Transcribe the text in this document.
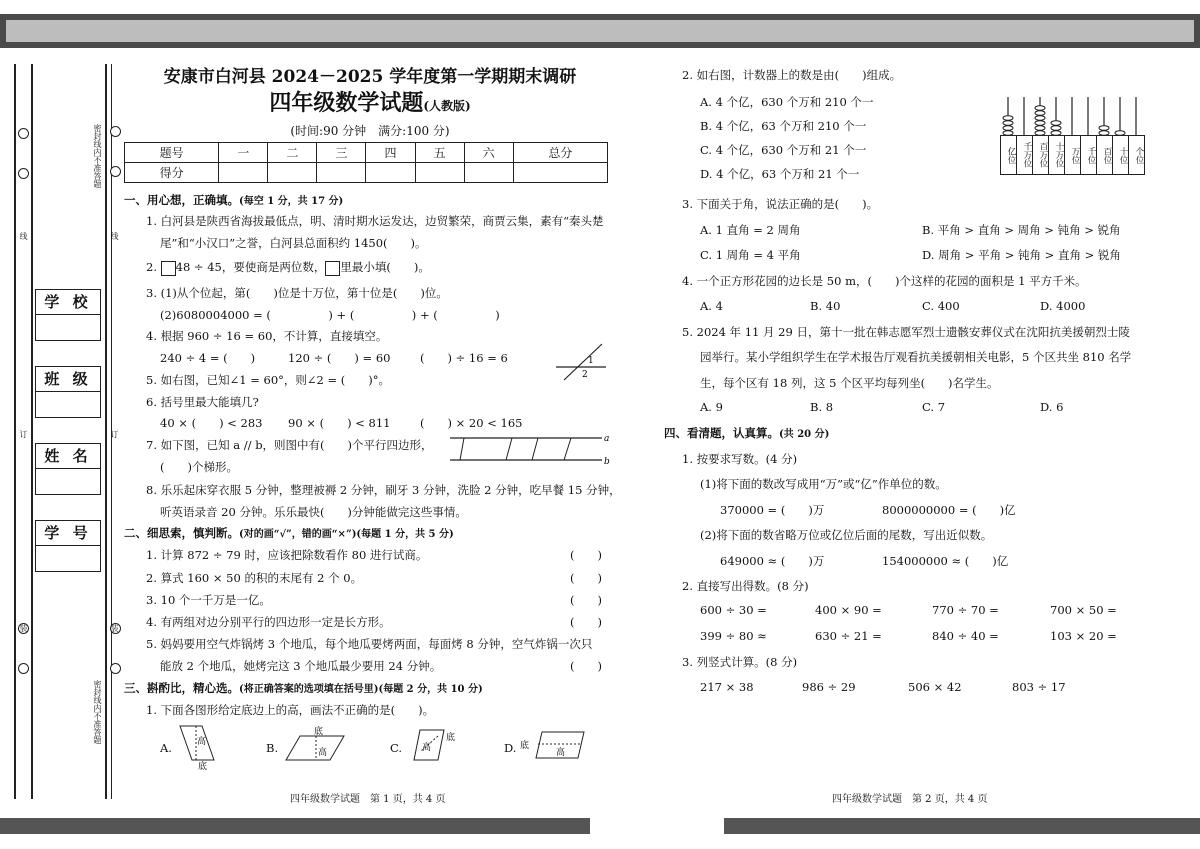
密封线内不准答题
密封线内不准答题
线	线
订	订
装	装
学 校
班 级
姓 名
学 号
安康市白河县 2024－2025 学年度第一学期期末调研
四年级数学试题(人教版)
(时间:90 分钟　满分:100 分)
题号	一	二	三	四	五	六	总分
得分							
一、用心想，正确填。(每空 1 分，共 17 分)
1. 白河县是陕西省海拔最低点，明、清时期水运发达，边贸繁荣，商贾云集，素有“秦头楚
尾”和“小汉口”之誉，白河县总面积约 1450(　　)。
2. 48 ÷ 45，要使商是两位数， 里最小填(　　)。
3. (1)从个位起，第(　　)位是十万位，第十位是(　　)位。
(2)6080004000 = (　　　　　) + (　　　　　) + (　　　　　)
4. 根据 960 ÷ 16 = 60，不计算，直接填空。
240 ÷ 4 = (　　)	120 ÷ (　　) = 60	(　　) ÷ 16 = 6	1
2
5. 如右图，已知∠1 = 60°，则∠2 = (　　)°。
6. 括号里最大能填几?
40 × (　　) < 283 90 × (　　) < 811	(　　) × 20 < 165
7. 如下图，已知 a // b，则图中有(　　)个平行四边形，
(　　)个梯形。
a
b
8. 乐乐起床穿衣服 5 分钟，整理被褥 2 分钟，刷牙 3 分钟，洗脸 2 分钟，吃早餐 15 分钟，
听英语录音 20 分钟。乐乐最快(　　)分钟能做完这些事情。
二、细思索，慎判断。(对的画“√”，错的画“×”)(每题 1 分，共 5 分)
1. 计算 872 ÷ 79 时，应该把除数看作 80 进行试商。	(　　)
2. 算式 160 × 50 的积的末尾有 2 个 0。	(　　)
3. 10 个一千万是一亿。	(　　)
4. 有两组对边分别平行的四边形一定是长方形。	(　　)
5. 妈妈要用空气炸锅烤 3 个地瓜，每个地瓜要烤两面，每面烤 8 分钟，空气炸锅一次只
能放 2 个地瓜，她烤完这 3 个地瓜最少要用 24 分钟。	(　　)
三、斟酌比，精心选。(将正确答案的选项填在括号里)(每题 2 分，共 10 分)
1. 下面各图形给定底边上的高，画法不正确的是(　　)。
A.	高
底
B.
底
高	C. 高
底
D. 底
高
四年级数学试题　第 1 页，共 4 页
2. 如右图，计数器上的数是由(　　)组成。
A. 4 个亿，630 个万和 210 个一
B. 4 个亿，63 个万和 210 个一
C. 4 个亿，630 个万和 21 个一
D. 4 个亿，63 个万和 21 个一
亿位 千万位 百万位 十万位 万位 千位 百位 十位 个位
3. 下面关于角，说法正确的是(　　)。
A. 1 直角 = 2 周角	B. 平角 > 直角 > 周角 > 钝角 > 锐角
C. 1 周角 = 4 平角	D. 周角 > 平角 > 钝角 > 直角 > 锐角
4. 一个正方形花园的边长是 50 m，(　　)个这样的花园的面积是 1 平方千米。
A. 4	B. 40	C. 400	D. 4000
5. 2024 年 11 月 29 日，第十一批在韩志愿军烈士遗骸安葬仪式在沈阳抗美援朝烈士陵
园举行。某小学组织学生在学术报告厅观看抗美援朝相关电影，5 个区共坐 810 名学
生，每个区有 18 列，这 5 个区平均每列坐(　　)名学生。
A. 9	B. 8	C. 7	D. 6
四、看清题，认真算。(共 20 分)
1. 按要求写数。(4 分)
(1)将下面的数改写成用“万”或“亿”作单位的数。
370000 = (　　)万	8000000000 = (　　)亿
(2)将下面的数省略万位或亿位后面的尾数，写出近似数。
649000 ≈ (　　)万	154000000 ≈ (　　)亿
2. 直接写出得数。(8 分)
600 ÷ 30 =	400 × 90 =	770 ÷ 70 =	700 × 50 =
399 ÷ 80 ≈	630 ÷ 21 =	840 ÷ 40 =	103 × 20 =
3. 列竖式计算。(8 分)
217 × 38	986 ÷ 29	506 × 42	803 ÷ 17
四年级数学试题　第 2 页，共 4 页
